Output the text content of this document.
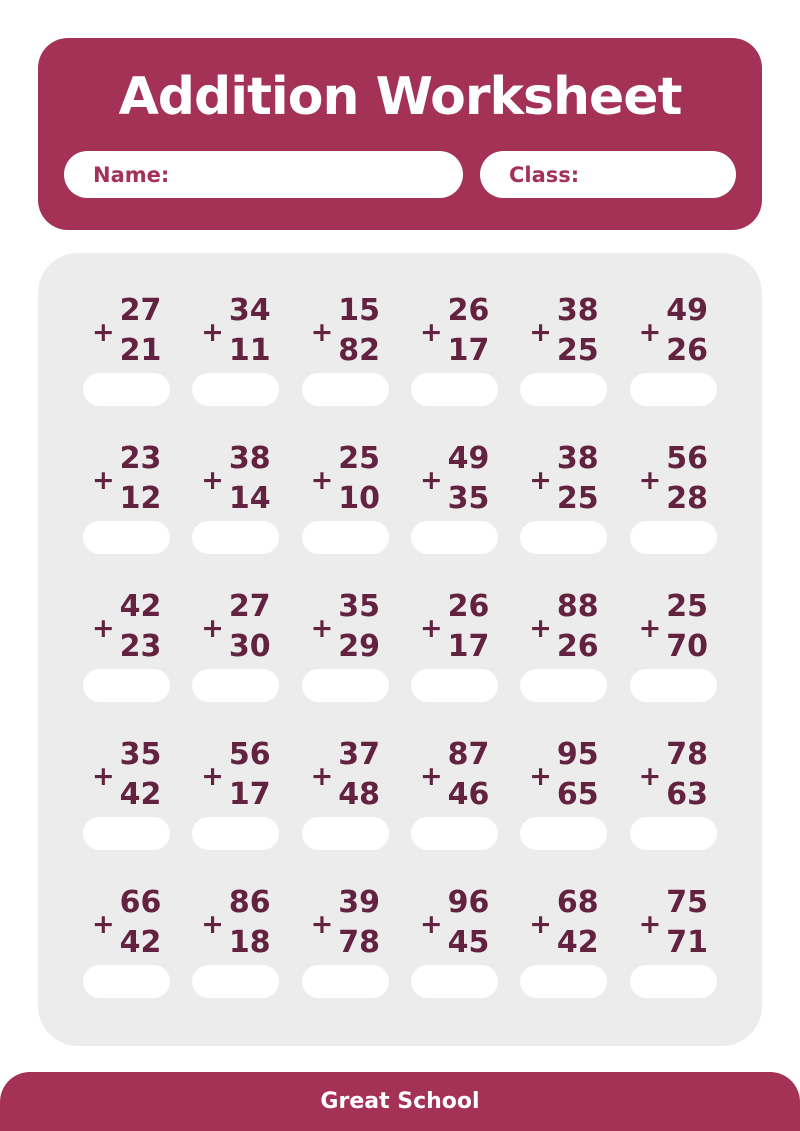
Addition Worksheet
Name:	Class:
+
27
21
+
34
11
+
15
82
+
26
17
+
38
25
+
49
26
+
23
12
+
38
14
+
25
10
+
49
35
+
38
25
+
56
28
+
42
23
+
27
30
+
35
29
+
26
17
+
88
26
+
25
70
+
35
42
+
56
17
+
37
48
+
87
46
+
95
65
+
78
63
+
66
42
+
86
18
+
39
78
+
96
45
+
68
42
+
75
71
Great School
